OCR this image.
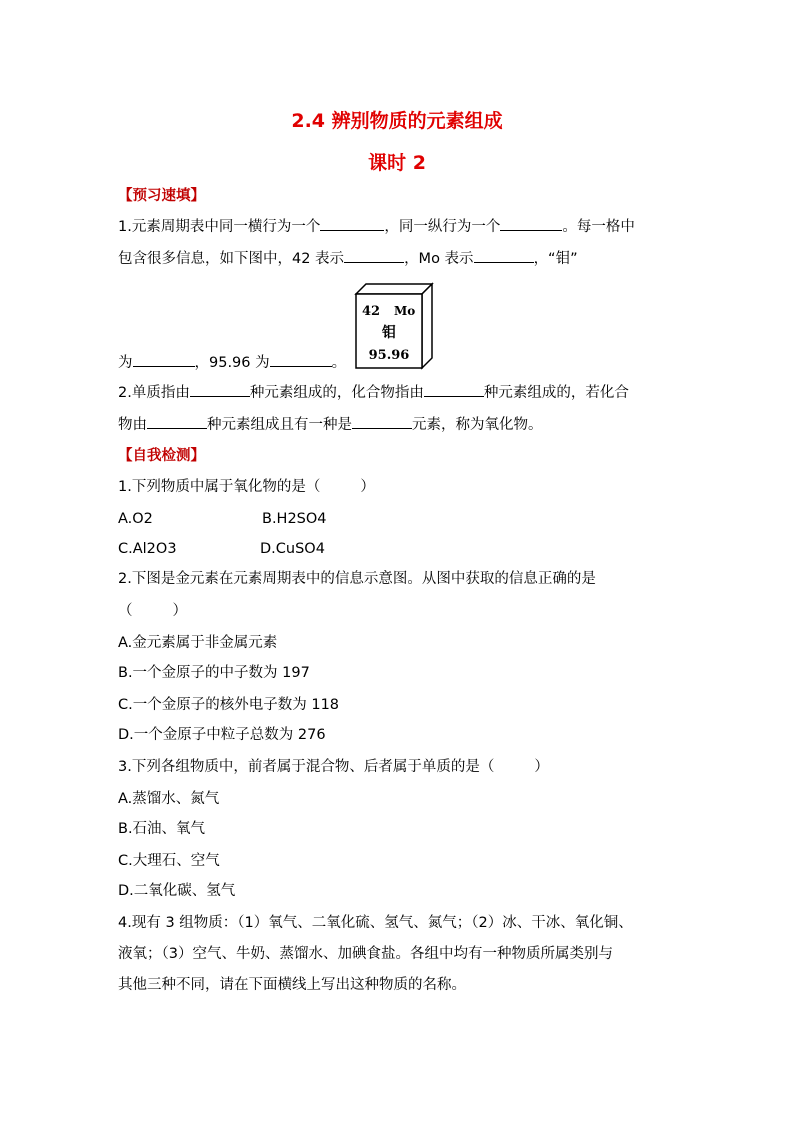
2.4 辨别物质的元素组成
课时 2
【预习速填】
1.元素周期表中同一横行为一个	，同一纵行为一个	。每一格中
包含很多信息，如下图中，42 表示	，Mo 表示	，“钼”
42 Mo
钼
95.96
为	，95.96 为	。
2.单质指由	种元素组成的，化合物指由	种元素组成的，若化合
物由	种元素组成且有一种是	元素，称为氧化物。
【自我检测】
1.下列物质中属于氧化物的是（	）
A.O2	B.H2SO4
C.Al2O3	D.CuSO4
2.下图是金元素在元素周期表中的信息示意图。从图中获取的信息正确的是
（	）
A.金元素属于非金属元素
B.一个金原子的中子数为 197
C.一个金原子的核外电子数为 118
D.一个金原子中粒子总数为 276
3.下列各组物质中，前者属于混合物、后者属于单质的是（	）
A.蒸馏水、氮气
B.石油、氧气
C.大理石、空气
D.二氧化碳、氢气
4.现有 3 组物质：（1）氧气、二氧化硫、氢气、氮气；（2）冰、干冰、氧化铜、
液氧；（3）空气、牛奶、蒸馏水、加碘食盐。各组中均有一种物质所属类别与
其他三种不同，请在下面横线上写出这种物质的名称。
